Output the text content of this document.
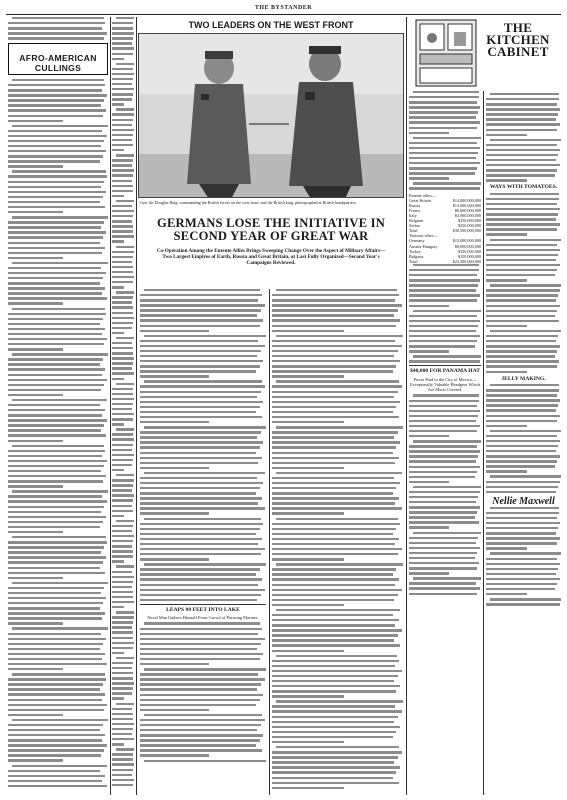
THE BYSTANDER
AFRO-AMERICAN CULLINGS
TWO LEADERS ON THE WEST FRONT
Gen. Sir Douglas Haig, commanding the British forces on the west front, and the British king, photographed at British headquarters.
GERMANS LOSE THE INITIATIVE IN SECOND YEAR OF GREAT WAR
Co-Operation Among the Entente Allies Brings Sweeping Change Over the Aspect of Military Affairs—Two Largest Empires of Earth, Russia and Great Britain, at Last Fully Organized—Second Year's Campaigns Reviewed.
LEAPS 80 FEET INTO LAKE
Naval Man Gathers Himself From Crowd of Pursuing Marines.
Entente allies—
Great Britain	$14,000,000,000
Russia	$13,000,000,000
France	$8,000,000,000
Italy	$3,000,000,000
Belgium	$250,000,000
Serbia	$250,000,000
Total	$38,500,000,000
Teutonic allies—
Germany	$15,000,000,000
Austria-Hungary	$8,000,000,000
Turkey	$350,000,000
Bulgaria	$150,000,000
Total	$23,500,000,000
$40,000 FOR PANAMA HAT
Prices Paid in the City of Mexico—Excepionally Valuable Headgear Which Are Much Coveted.
THE
KITCHEN
CABINET
WAYS WITH TOMATOES.
JELLY MAKING.
Nellie Maxwell
